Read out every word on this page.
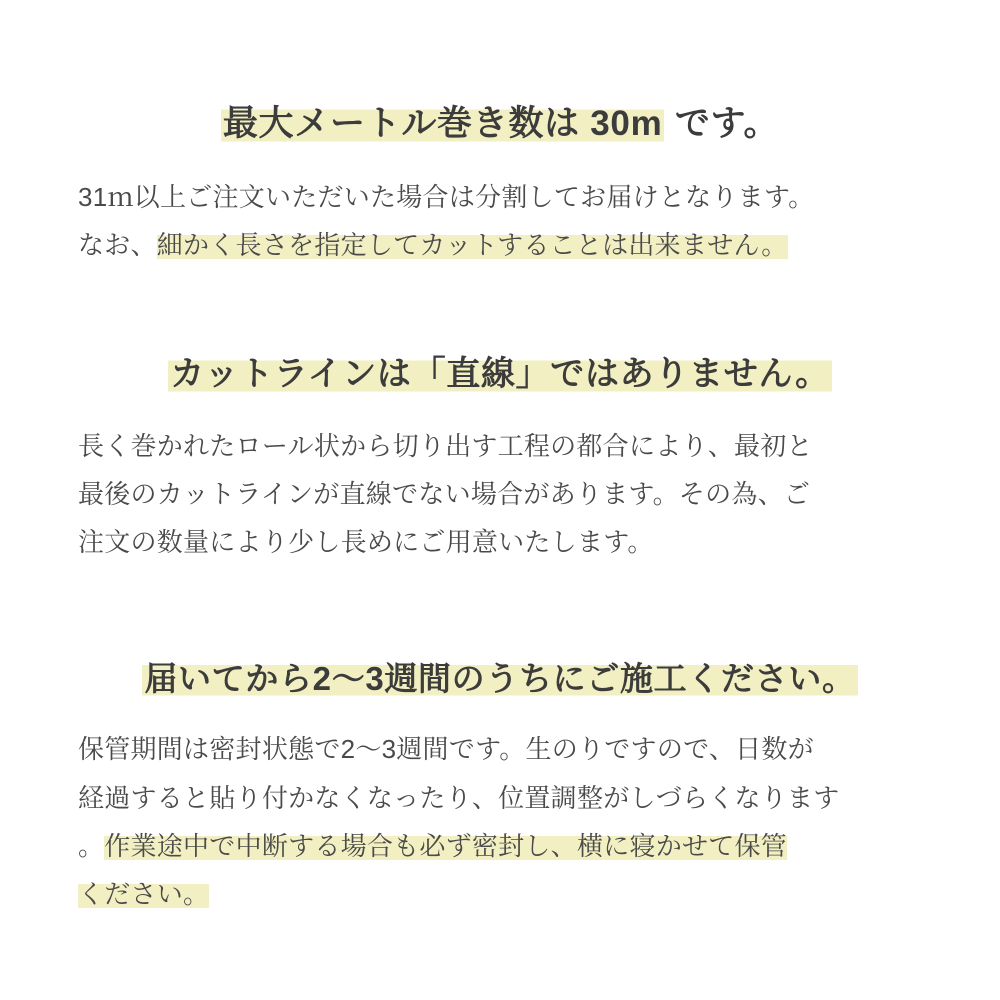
最大メートル巻き数は 30m です。

31ｍ以上ご注文いただいた場合は分割してお届けとなります。
なお、細かく長さを指定してカットすることは出来ません。

カットラインは「直線」ではありません。

長く巻かれたロール状から切り出す工程の都合により、最初と
最後のカットラインが直線でない場合があります。その為、ご
注文の数量により少し長めにご用意いたします。

届いてから2〜3週間のうちにご施工ください。

保管期間は密封状態で2〜3週間です。生のりですので、日数が
経過すると貼り付かなくなったり、位置調整がしづらくなります
。作業途中で中断する場合も必ず密封し、横に寝かせて保管
ください。
